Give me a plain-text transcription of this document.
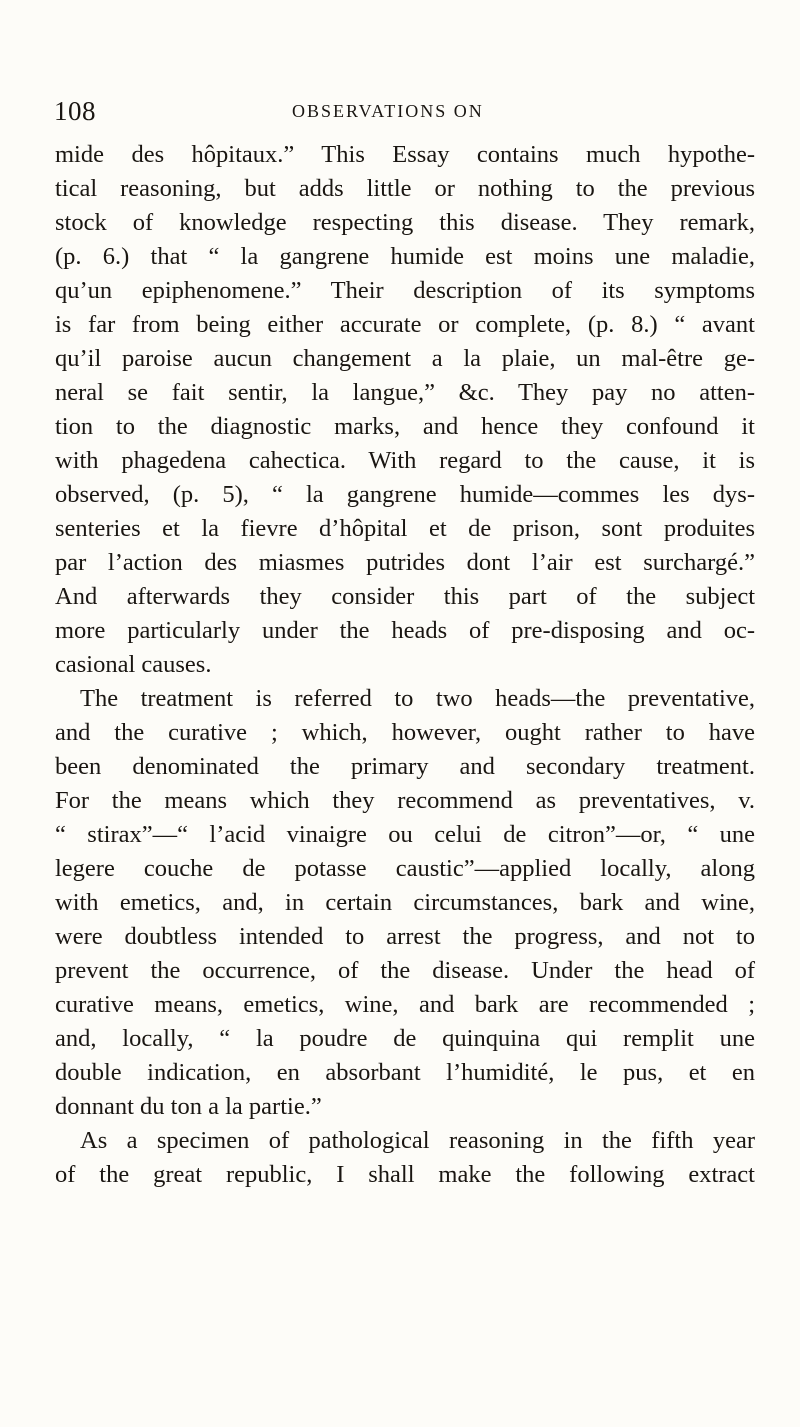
108	OBSERVATIONS ON
mide des hôpitaux.” This Essay contains much hypothe-
tical reasoning, but adds little or nothing to the previous
stock of knowledge respecting this disease. They remark,
(p. 6.) that “ la gangrene humide est moins une maladie,
qu’un epiphenomene.” Their description of its symptoms
is far from being either accurate or complete, (p. 8.) “ avant
qu’il paroise aucun changement a la plaie, un mal-être ge-
neral se fait sentir, la langue,” &c. They pay no atten-
tion to the diagnostic marks, and hence they confound it
with phagedena cahectica. With regard to the cause, it is
observed, (p. 5), “ la gangrene humide—commes les dys-
senteries et la fievre d’hôpital et de prison, sont produites
par l’action des miasmes putrides dont l’air est surchargé.”
And afterwards they consider this part of the subject
more particularly under the heads of pre-disposing and oc-
casional causes.
The treatment is referred to two heads—the preventative,
and the curative ; which, however, ought rather to have
been denominated the primary and secondary treatment.
For the means which they recommend as preventatives, v.
“ stirax”—“ l’acid vinaigre ou celui de citron”—or, “ une
legere couche de potasse caustic”—applied locally, along
with emetics, and, in certain circumstances, bark and wine,
were doubtless intended to arrest the progress, and not to
prevent the occurrence, of the disease. Under the head of
curative means, emetics, wine, and bark are recommended ;
and, locally, “ la poudre de quinquina qui remplit une
double indication, en absorbant l’humidité, le pus, et en
donnant du ton a la partie.”
As a specimen of pathological reasoning in the fifth year
of the great republic, I shall make the following extract
